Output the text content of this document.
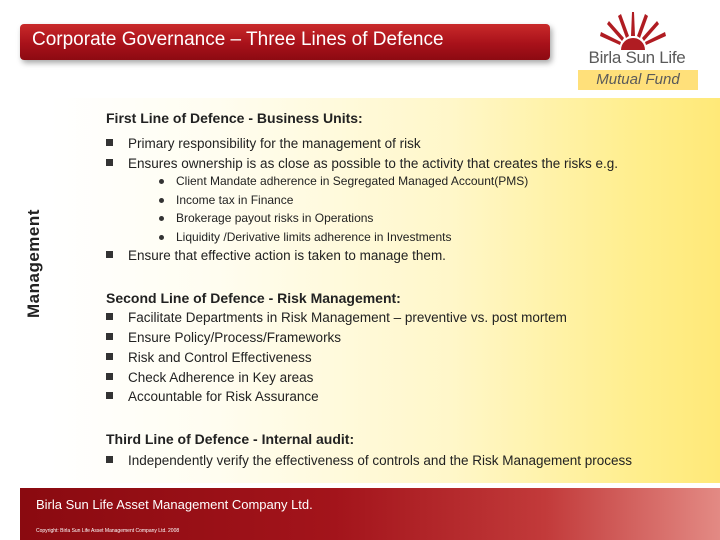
Corporate Governance – Three Lines of Defence
Birla Sun Life
Mutual Fund
Management
First Line of Defence - Business Units:
Primary responsibility for the management of risk
Ensures ownership is as close as possible to the activity that creates the risks e.g.
Client Mandate adherence in Segregated Managed Account(PMS)
Income tax in Finance
Brokerage payout risks in Operations
Liquidity /Derivative limits adherence in Investments
Ensure that effective action is taken to manage them.
Second Line of Defence - Risk Management:
Facilitate Departments in Risk Management – preventive vs. post mortem
Ensure Policy/Process/Frameworks
Risk and Control Effectiveness
Check Adherence in Key areas
Accountable for Risk Assurance
Third Line of Defence - Internal audit:
Independently verify the effectiveness of controls and the Risk Management process
Birla Sun Life Asset Management Company Ltd.
Copyright: Birla Sun Life Asset Management Company Ltd. 2008
